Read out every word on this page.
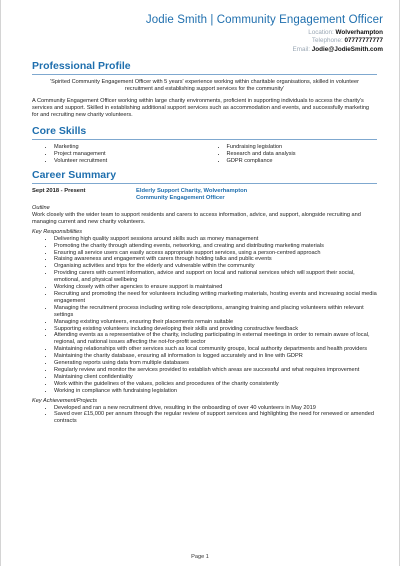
Jodie Smith | Community Engagement Officer
Location: Wolverhampton
Telephone: 07777777777
Email: Jodie@JodieSmith.com
Professional Profile
'Spirited Community Engagement Officer with 5 years' experience working within charitable organisations, skilled in volunteer recruitment and establishing support services for the community'
A Community Engagement Officer working within large charity environments, proficient in supporting individuals to access the charity's services and support. Skilled in establishing additional support services such as accommodation and events, and successfully marketing for and recruiting new charity volunteers.
Core Skills
• Marketing
• Project management
• Volunteer recruitment
• Fundraising legislation
• Research and data analysis
• GDPR compliance
Career Summary
Sept 2018 - Present	Elderly Support Charity, Wolverhampton
Community Engagement Officer
Outline
Work closely with the wider team to support residents and carers to access information, advice, and support, alongside recruiting and managing current and new charity volunteers.
Key Responsibilities
• Delivering high quality support sessions around skills such as money management
• Promoting the charity through attending events, networking, and creating and distributing marketing materials
• Ensuring all service users can easily access appropriate support services, using a person-centred approach
• Raising awareness and engagement with carers through holding talks and public events
• Organising activities and trips for the elderly and vulnerable within the community
• Providing carers with current information, advice and support on local and national services which will support their social, emotional, and physical wellbeing
• Working closely with other agencies to ensure support is maintained
• Recruiting and promoting the need for volunteers including writing marketing materials, hosting events and increasing social media engagement
• Managing the recruitment process including writing role descriptions, arranging training and placing volunteers within relevant settings
• Managing existing volunteers, ensuring their placements remain suitable
• Supporting existing volunteers including developing their skills and providing constructive feedback
• Attending events as a representative of the charity, including participating in external meetings in order to remain aware of local, regional, and national issues affecting the not-for-profit sector
• Maintaining relationships with other services such as local community groups, local authority departments and health providers
• Maintaining the charity database, ensuring all information is logged accurately and in line with GDPR
• Generating reports using data from multiple databases
• Regularly review and monitor the services provided to establish which areas are successful and what requires improvement
• Maintaining client confidentiality
• Work within the guidelines of the values, policies and procedures of the charity consistently
• Working in compliance with fundraising legislation
Key Achievement/Projects
• Developed and ran a new recruitment drive, resulting in the onboarding of over 40 volunteers in May 2019
• Saved over £15,000 per annum through the regular review of support services and highlighting the need for renewed or amended contracts
Page 1
